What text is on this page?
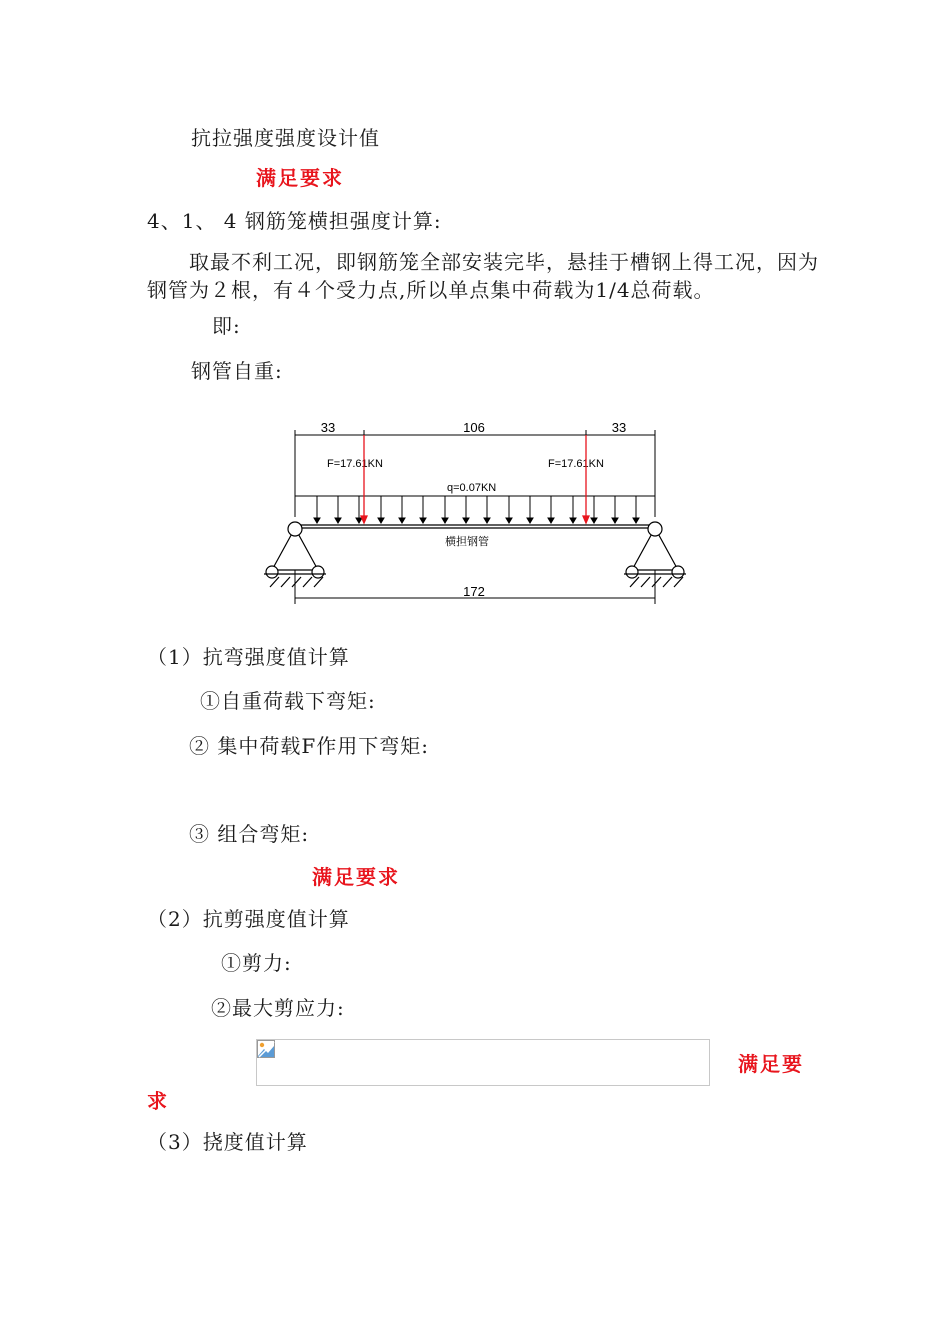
抗拉强度强度设计值
满足要求
4、1、 4 钢筋笼横担强度计算:
取最不利工况，即钢筋笼全部安装完毕，悬挂于槽钢上得工况，因为钢管为２根，有４个受力点,所以单点集中荷载为1/4总荷载。
即:
钢管自重:
33	106	33
172
F=17.61KN	F=17.61KN
q=0.07KN
横担钢管
（1）抗弯强度值计算
①自重荷载下弯矩:
② 集中荷载F作用下弯矩:
③ 组合弯矩:
满足要求
（2）抗剪强度值计算
①剪力:
②最大剪应力:
满足要
求
（3）挠度值计算
